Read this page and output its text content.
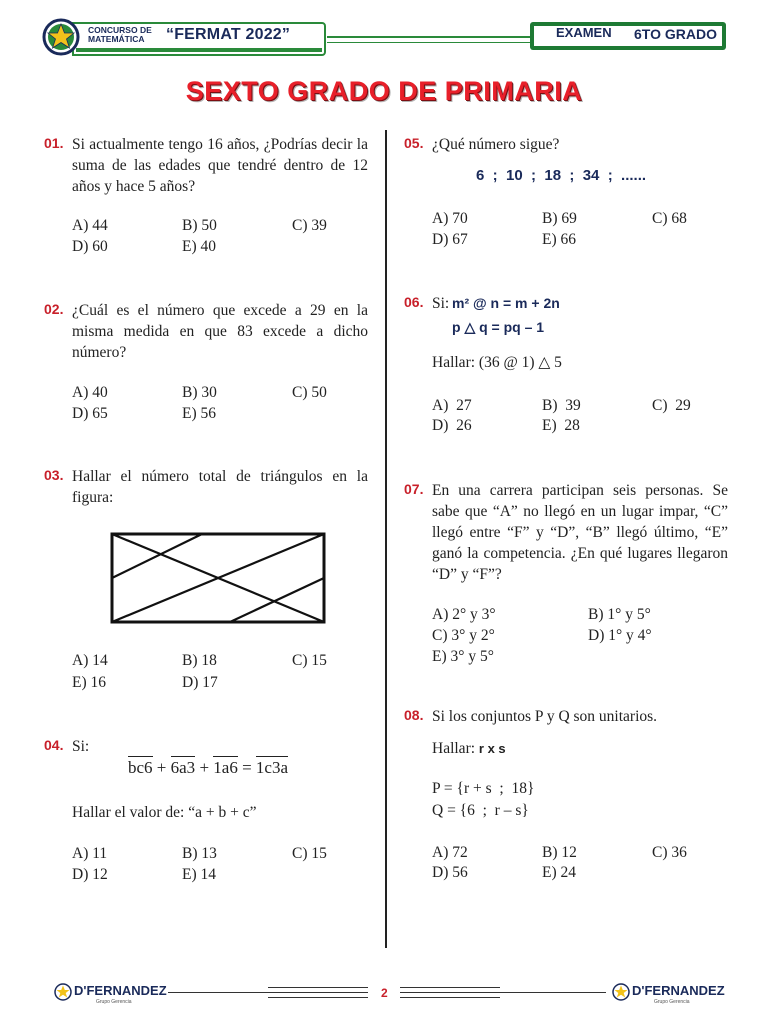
CONCURSO DE
MATEMÁTICA	“FERMAT 2022”	EXAMEN 6TO GRADO
SEXTO GRADO DE PRIMARIA
01. Si actualmente tengo 16 años, ¿Podrías decir la suma de las edades que tendré dentro de 12 años y hace 5 años?
A) 44	B) 50	C) 39
D) 60	E) 40
02. ¿Cuál es el número que excede a 29 en la misma medida en que 83 excede a dicho número?
A) 40	B) 30	C) 50
D) 65	E) 56
03. Hallar el número total de triángulos en la figura:
A) 14	B) 18	C) 15
E) 16	D) 17
04. Si:
bc6 + 6a3 + 1a6 = 1c3a
Hallar el valor de: “a + b + c”
A) 11	B) 13	C) 15
D) 12	E) 14
05. ¿Qué número sigue?
6  ;  10  ;  18  ;  34  ;  ......
A) 70	B) 69	C) 68
D) 67	E) 66
06. Si: m² @ n = m + 2n
p △ q = pq – 1
Hallar: (36 @ 1) △ 5
A)  27	B)  39	C)  29
D)  26	E)  28
07. En una carrera participan seis personas. Se sabe que “A” no llegó en un lugar impar, “C” llegó entre “F” y “D”, “B” llegó último, “E” ganó la competencia. ¿En qué lugares llegaron “D” y “F”?
A) 2° y 3°	B) 1° y 5°
C) 3° y 2°	D) 1° y 4°
E) 3° y 5°
08. Si los conjuntos P y Q son unitarios.
Hallar: r x s
P = {r + s  ;  18}
Q = {6  ;  r – s}
A) 72	B) 12	C) 36
D) 56	E) 24
D'FERNANDEZ
Grupo Gerencia
2	D'FERNANDEZ
Grupo Gerencia
